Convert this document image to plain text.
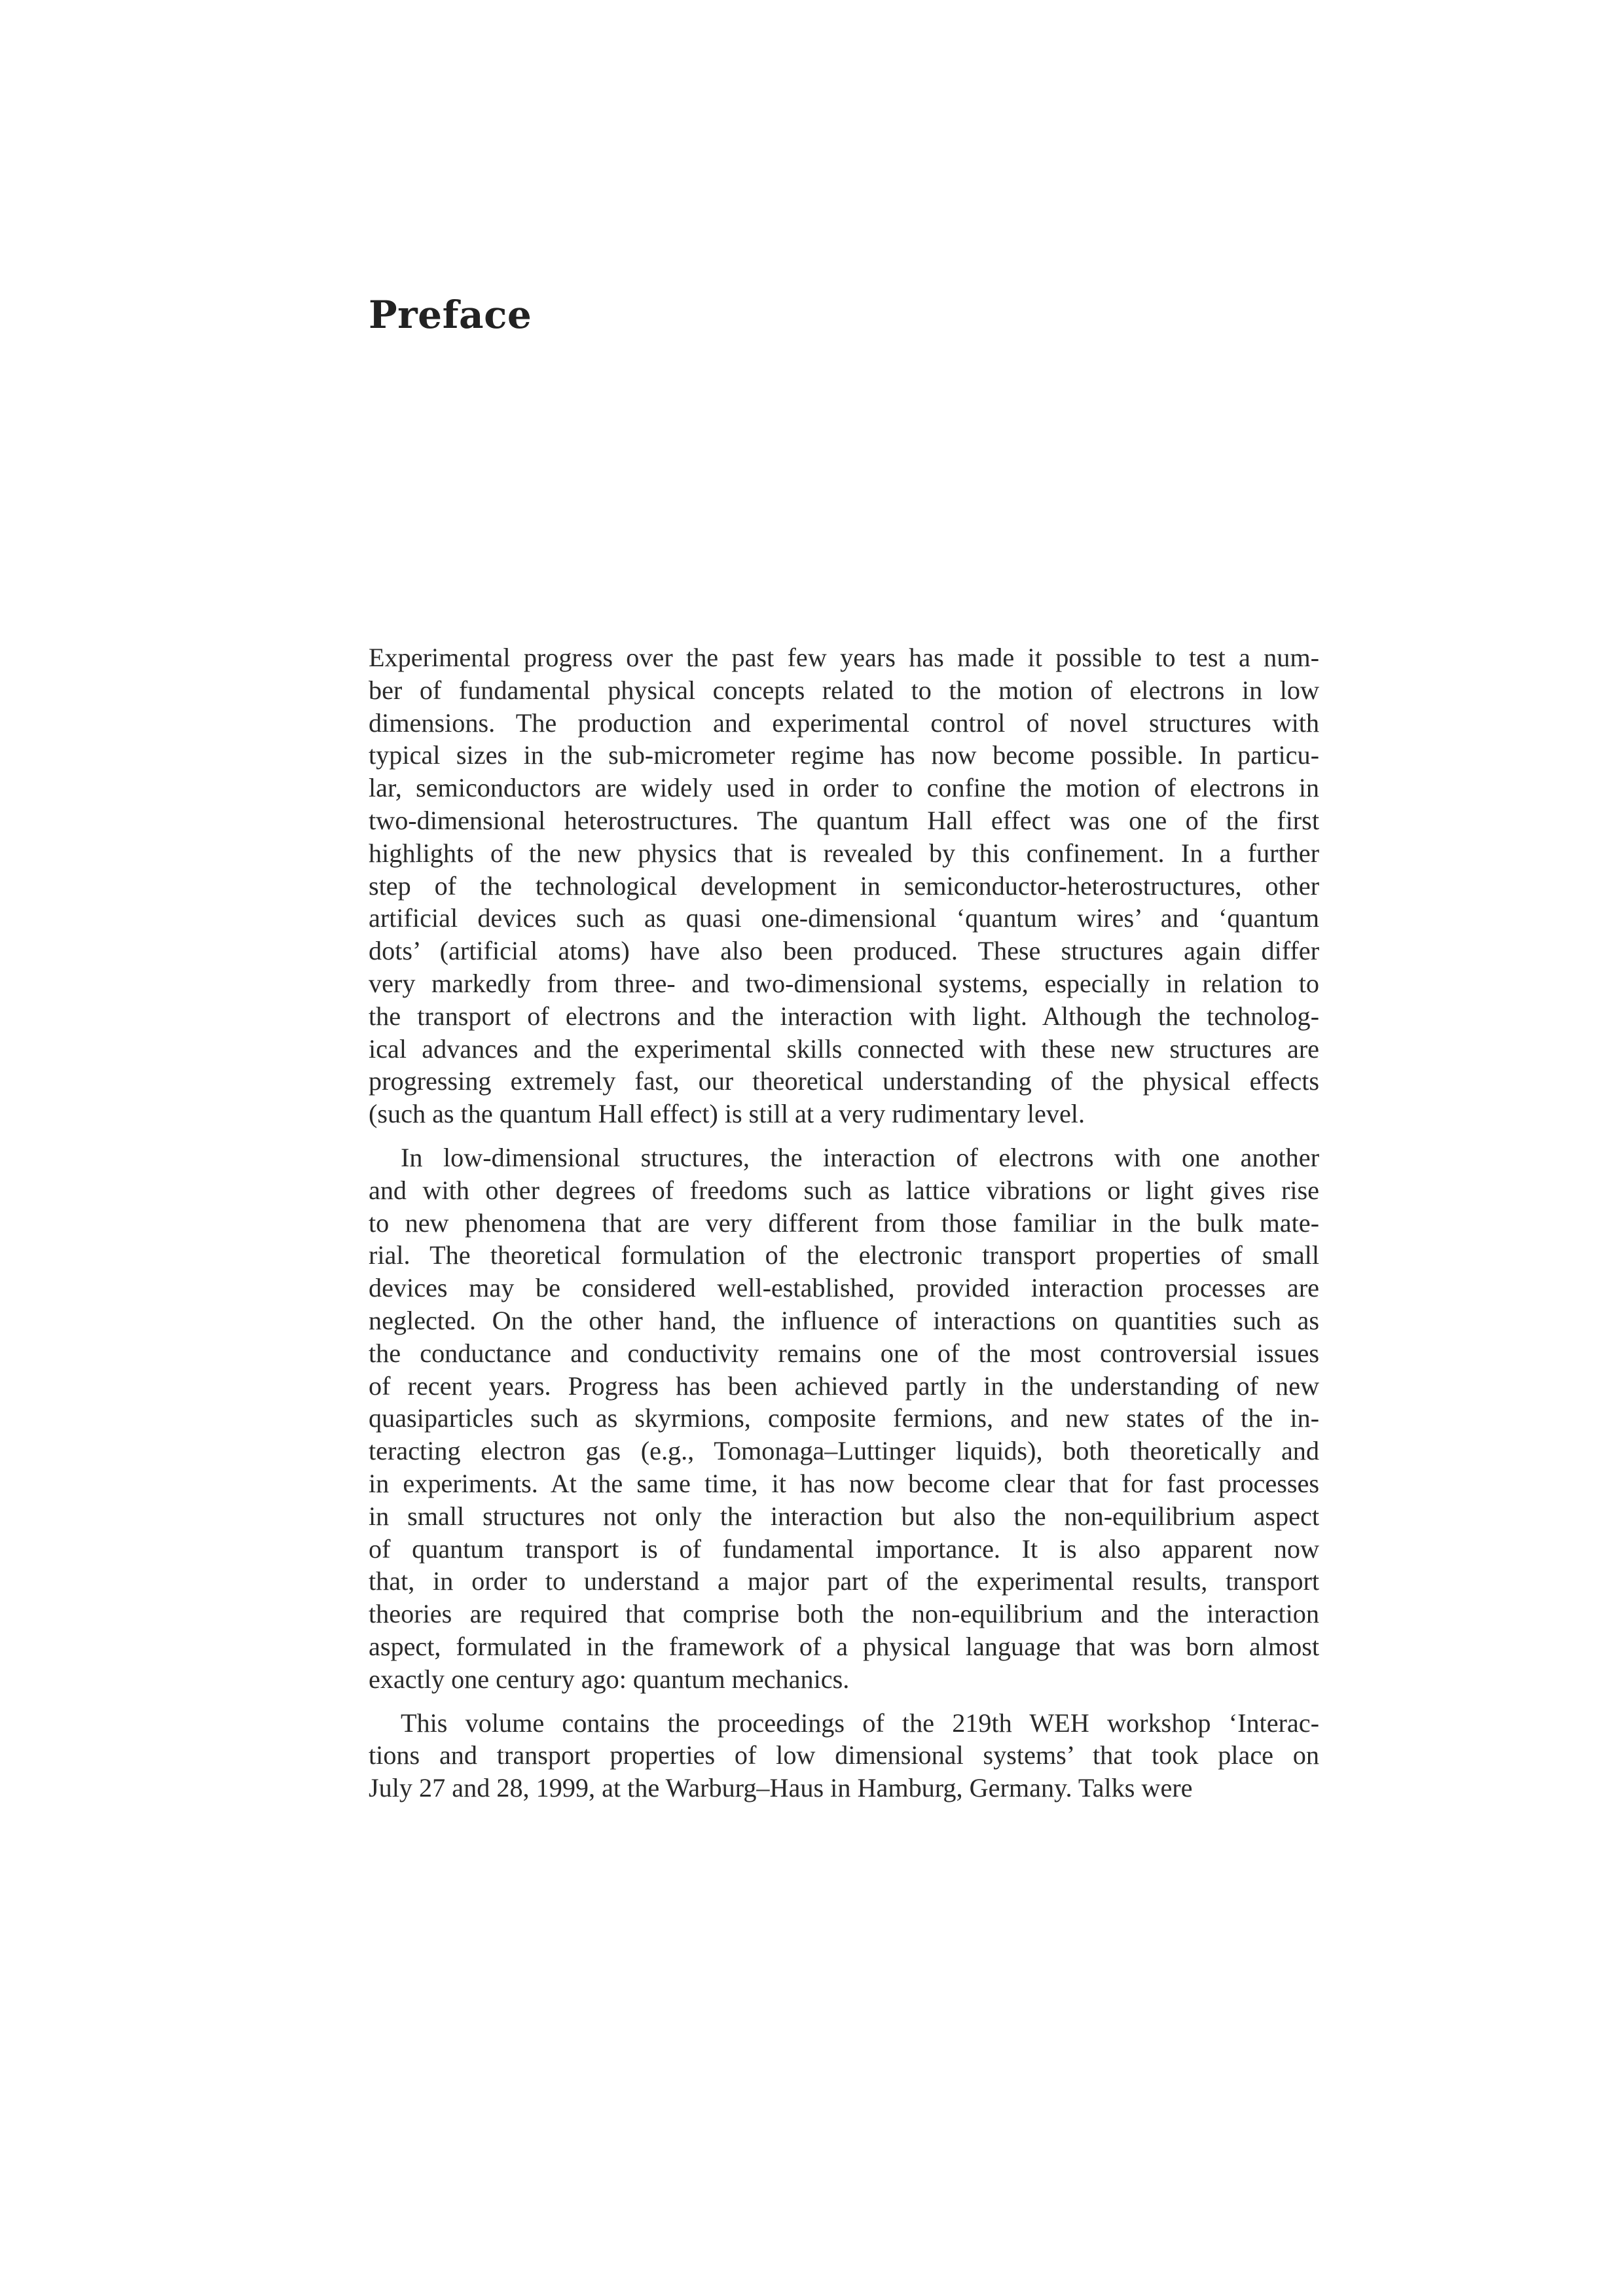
Preface

Experimental progress over the past few years has made it possible to test a num-
ber of fundamental physical concepts related to the motion of electrons in low
dimensions. The production and experimental control of novel structures with
typical sizes in the sub-micrometer regime has now become possible. In particu-
lar, semiconductors are widely used in order to confine the motion of electrons in
two-dimensional heterostructures. The quantum Hall effect was one of the first
highlights of the new physics that is revealed by this confinement. In a further
step of the technological development in semiconductor-heterostructures, other
artificial devices such as quasi one-dimensional ‘quantum wires’ and ‘quantum
dots’ (artificial atoms) have also been produced. These structures again differ
very markedly from three- and two-dimensional systems, especially in relation to
the transport of electrons and the interaction with light. Although the technolog-
ical advances and the experimental skills connected with these new structures are
progressing extremely fast, our theoretical understanding of the physical effects
(such as the quantum Hall effect) is still at a very rudimentary level.

In low-dimensional structures, the interaction of electrons with one another
and with other degrees of freedoms such as lattice vibrations or light gives rise
to new phenomena that are very different from those familiar in the bulk mate-
rial. The theoretical formulation of the electronic transport properties of small
devices may be considered well-established, provided interaction processes are
neglected. On the other hand, the influence of interactions on quantities such as
the conductance and conductivity remains one of the most controversial issues
of recent years. Progress has been achieved partly in the understanding of new
quasiparticles such as skyrmions, composite fermions, and new states of the in-
teracting electron gas (e.g., Tomonaga–Luttinger liquids), both theoretically and
in experiments. At the same time, it has now become clear that for fast processes
in small structures not only the interaction but also the non-equilibrium aspect
of quantum transport is of fundamental importance. It is also apparent now
that, in order to understand a major part of the experimental results, transport
theories are required that comprise both the non-equilibrium and the interaction
aspect, formulated in the framework of a physical language that was born almost
exactly one century ago: quantum mechanics.

This volume contains the proceedings of the 219th WEH workshop ‘Interac-
tions and transport properties of low dimensional systems’ that took place on
July 27 and 28, 1999, at the Warburg–Haus in Hamburg, Germany. Talks were
